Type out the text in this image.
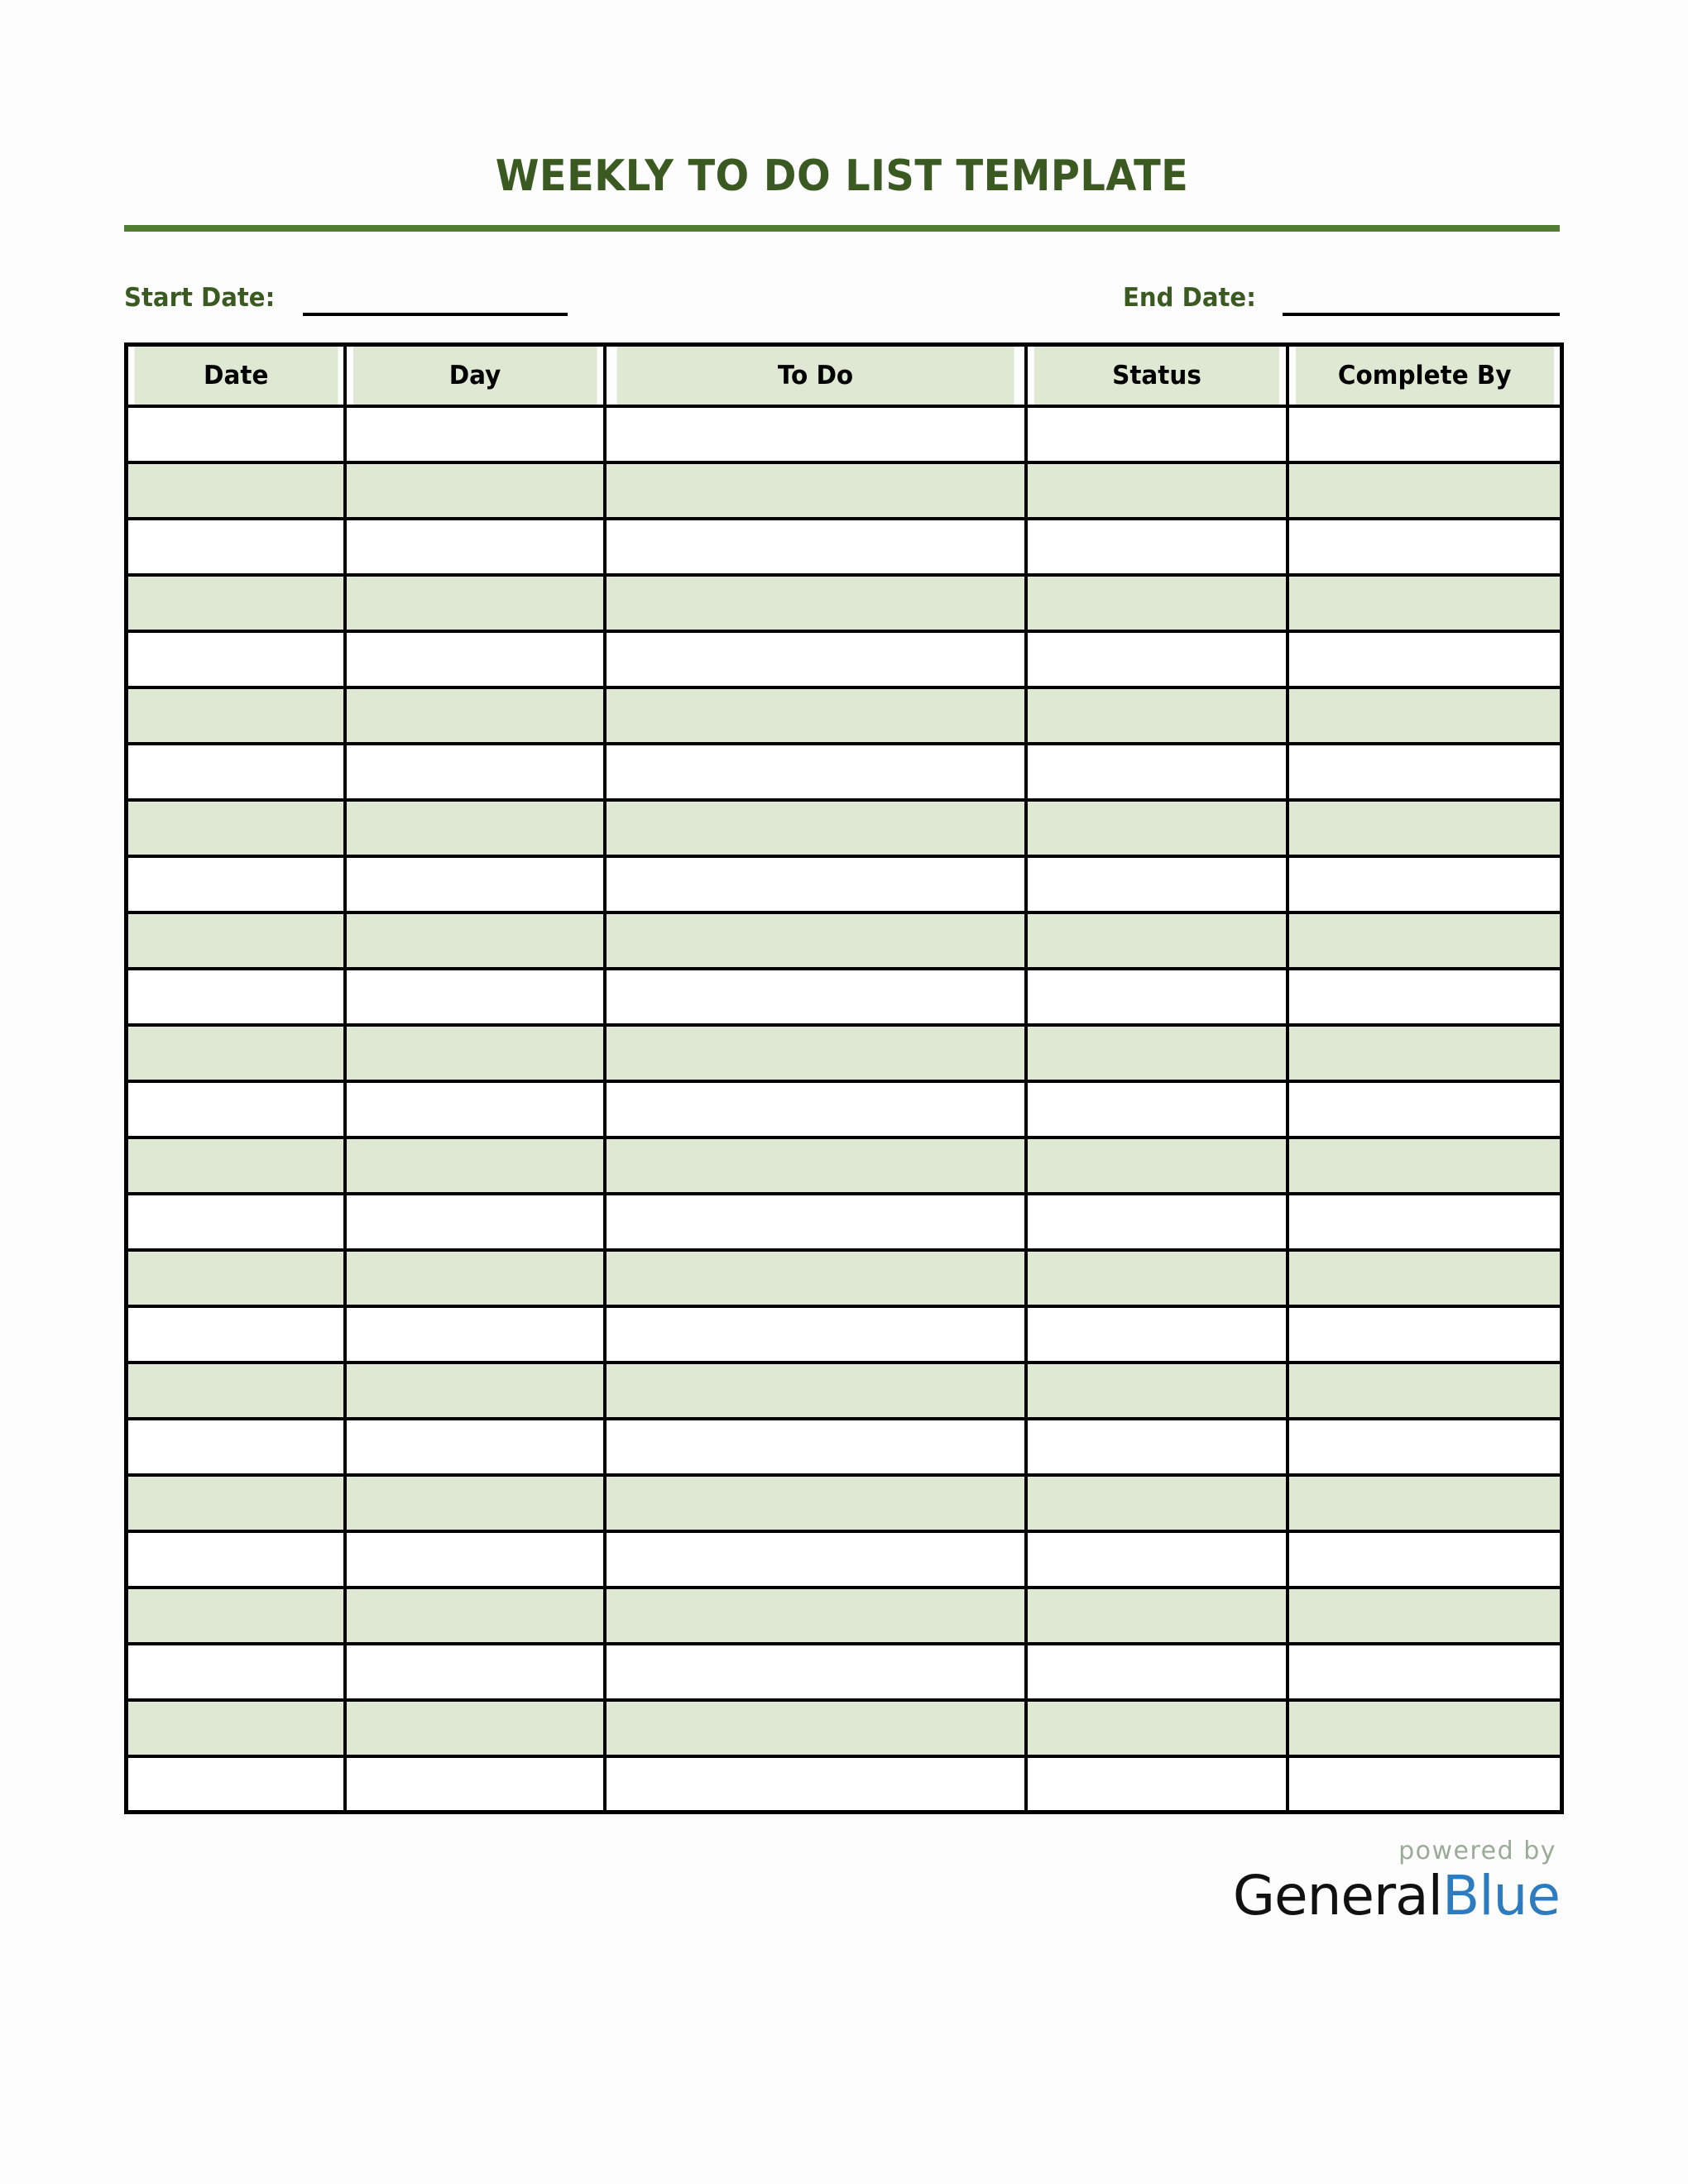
WEEKLY TO DO LIST TEMPLATE
Start Date:	End Date:
Date	Day	To Do	Status	Complete By

powered by
GeneralBlue
